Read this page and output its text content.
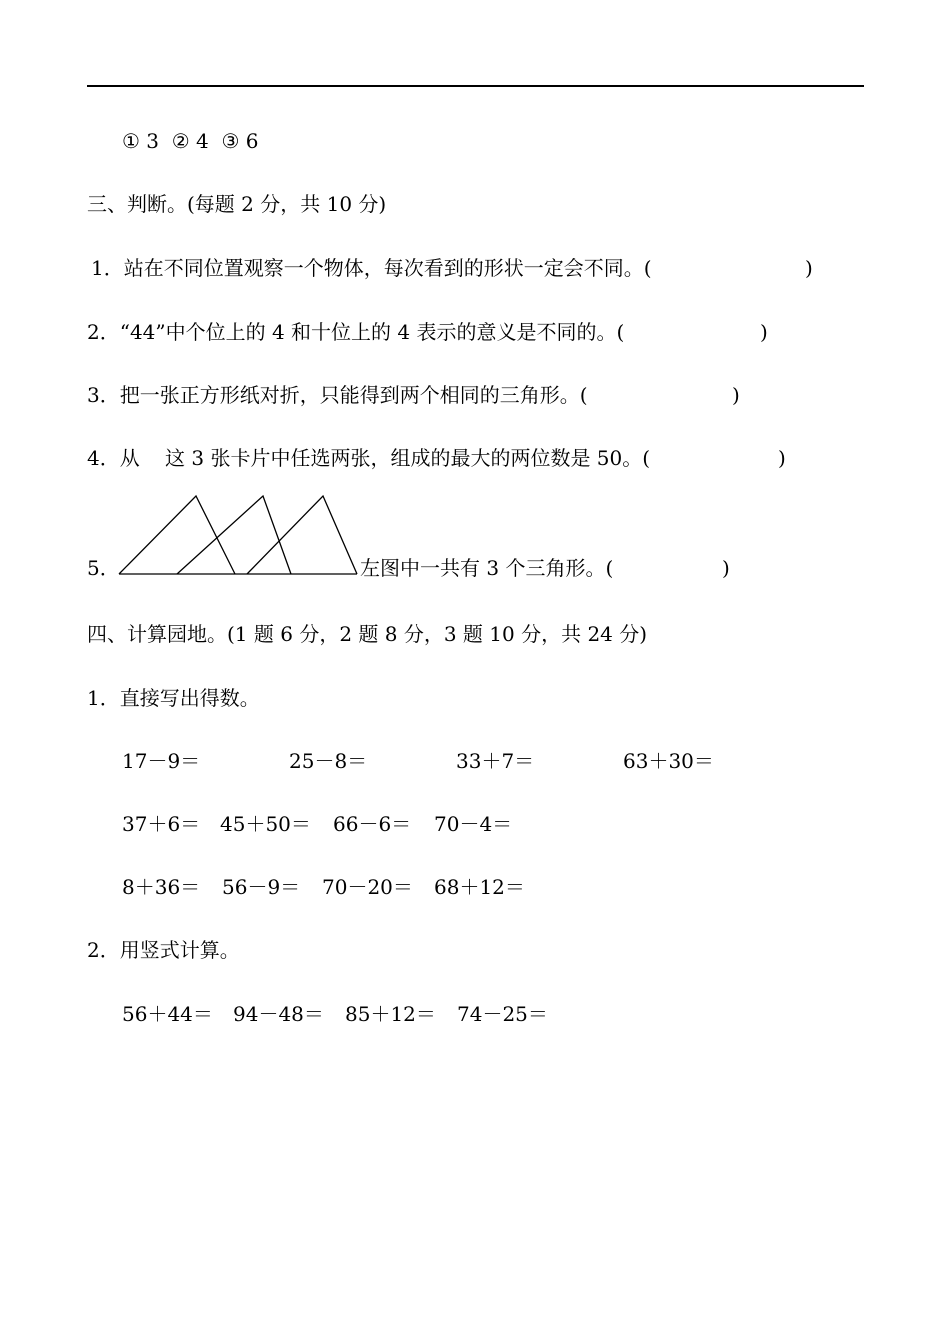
① 3  ② 4  ③ 6
三、判断。(每题 2 分，共 10 分)
1．站在不同位置观察一个物体，每次看到的形状一定会不同。(	)
2．“44”中个位上的 4 和十位上的 4 表示的意义是不同的。(	)
3．把一张正方形纸对折，只能得到两个相同的三角形。(	)
4．从 这 3 张卡片中任选两张，组成的最大的两位数是 50。(	)
5．	左图中一共有 3 个三角形。(	)
四、计算园地。(1 题 6 分，2 题 8 分，3 题 10 分，共 24 分)
1．直接写出得数。
17－9＝	25－8＝	33＋7＝	63＋30＝
37＋6＝ 45＋50＝ 66－6＝ 70－4＝
8＋36＝ 56－9＝ 70－20＝ 68＋12＝
2．用竖式计算。
56＋44＝ 94－48＝ 85＋12＝ 74－25＝
